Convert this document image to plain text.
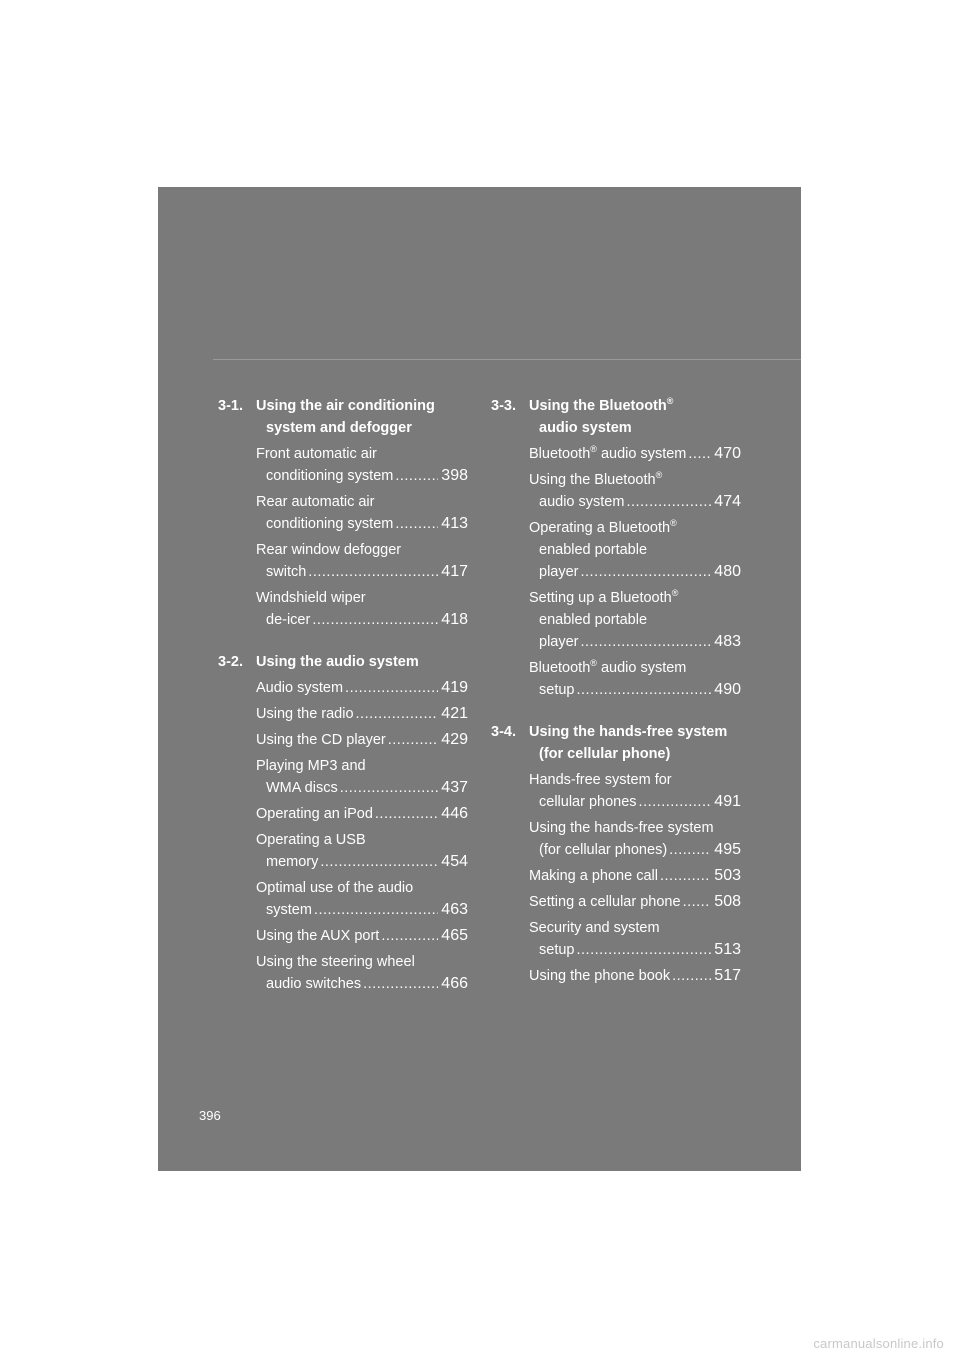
3-1. Using the air conditioning
system and defogger
Front automatic air
conditioning system .....	398
Rear automatic air
conditioning system .....	413
Rear window defogger
switch .....	417
Windshield wiper
de-icer .....	418
3-2. Using the audio system
Audio system .....	419
Using the radio .....	421
Using the CD player .....	429
Playing MP3 and
WMA discs .....	437
Operating an iPod .....	446
Operating a USB
memory .....	454
Optimal use of the audio
system .....	463
Using the AUX port .....	465
Using the steering wheel
audio switches .....	466
3-3. Using the Bluetooth®
audio system
Bluetooth® audio system ..... 470
Using the Bluetooth®
audio system .....	474
Operating a Bluetooth®
enabled portable
player .....	480
Setting up a Bluetooth®
enabled portable
player .....	483
Bluetooth® audio system
setup .....	490
3-4. Using the hands-free system
(for cellular phone)
Hands-free system for
cellular phones .....	491
Using the hands-free system
(for cellular phones) .....	495
Making a phone call .....	503
Setting a cellular phone ..... 508
Security and system
setup .....	513
Using the phone book .....	517
396
carmanualsonline.info
